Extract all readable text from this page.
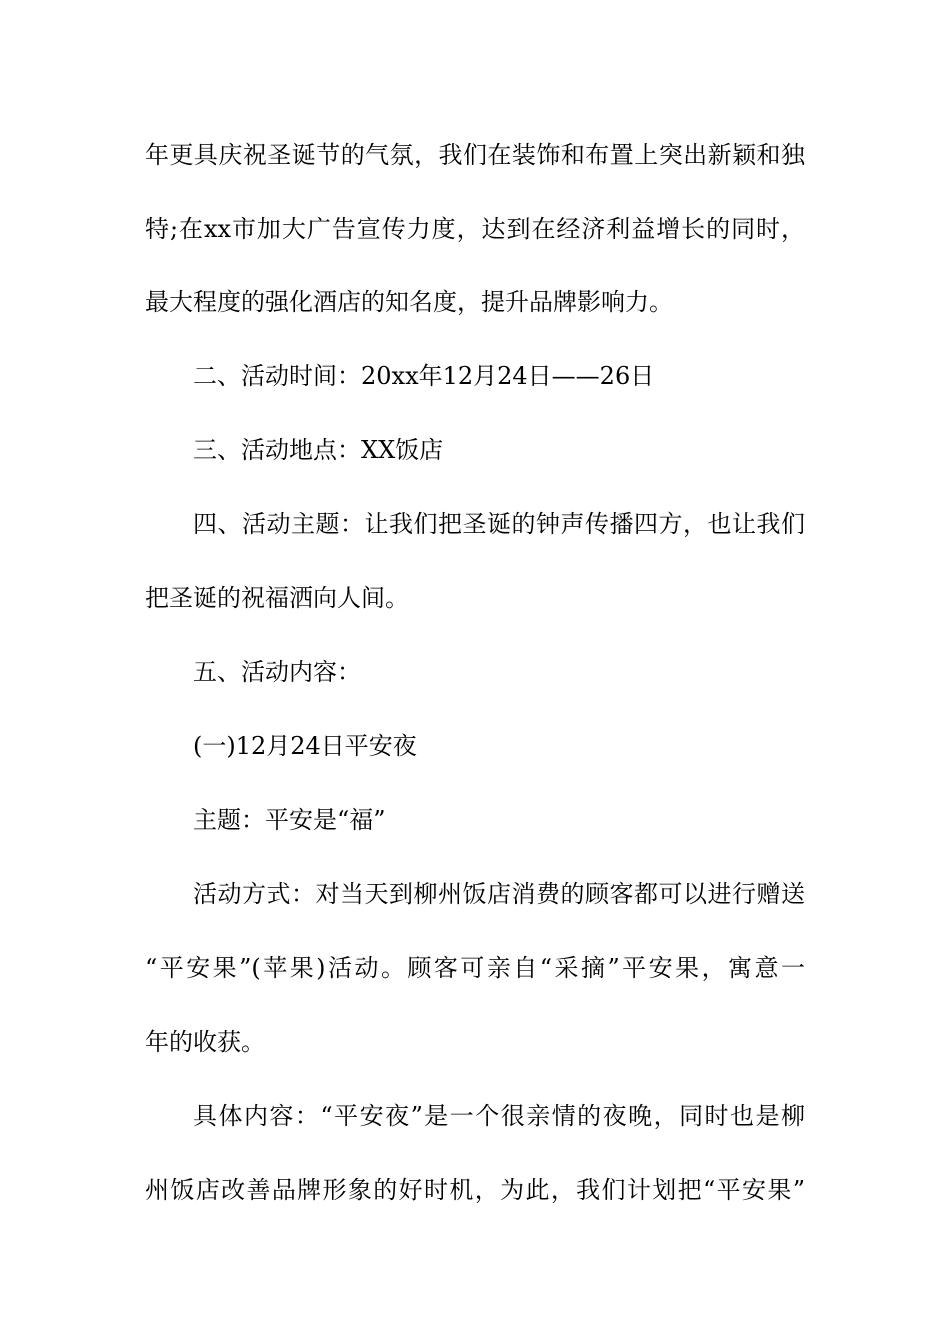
年更具庆祝圣诞节的气氛，我们在装饰和布置上突出新颖和独
特;在xx市加大广告宣传力度，达到在经济利益增长的同时，
最大程度的强化酒店的知名度，提升品牌影响力。
二、活动时间：20xx年12月24日——26日
三、活动地点：XX饭店
四、活动主题：让我们把圣诞的钟声传播四方，也让我们
把圣诞的祝福洒向人间。
五、活动内容：
(一)12月24日平安夜
主题：平安是“福”
活动方式：对当天到柳州饭店消费的顾客都可以进行赠送
“平安果”(苹果)活动。顾客可亲自“采摘”平安果，寓意一
年的收获。
具体内容：“平安夜”是一个很亲情的夜晚，同时也是柳
州饭店改善品牌形象的好时机，为此，我们计划把“平安果”
